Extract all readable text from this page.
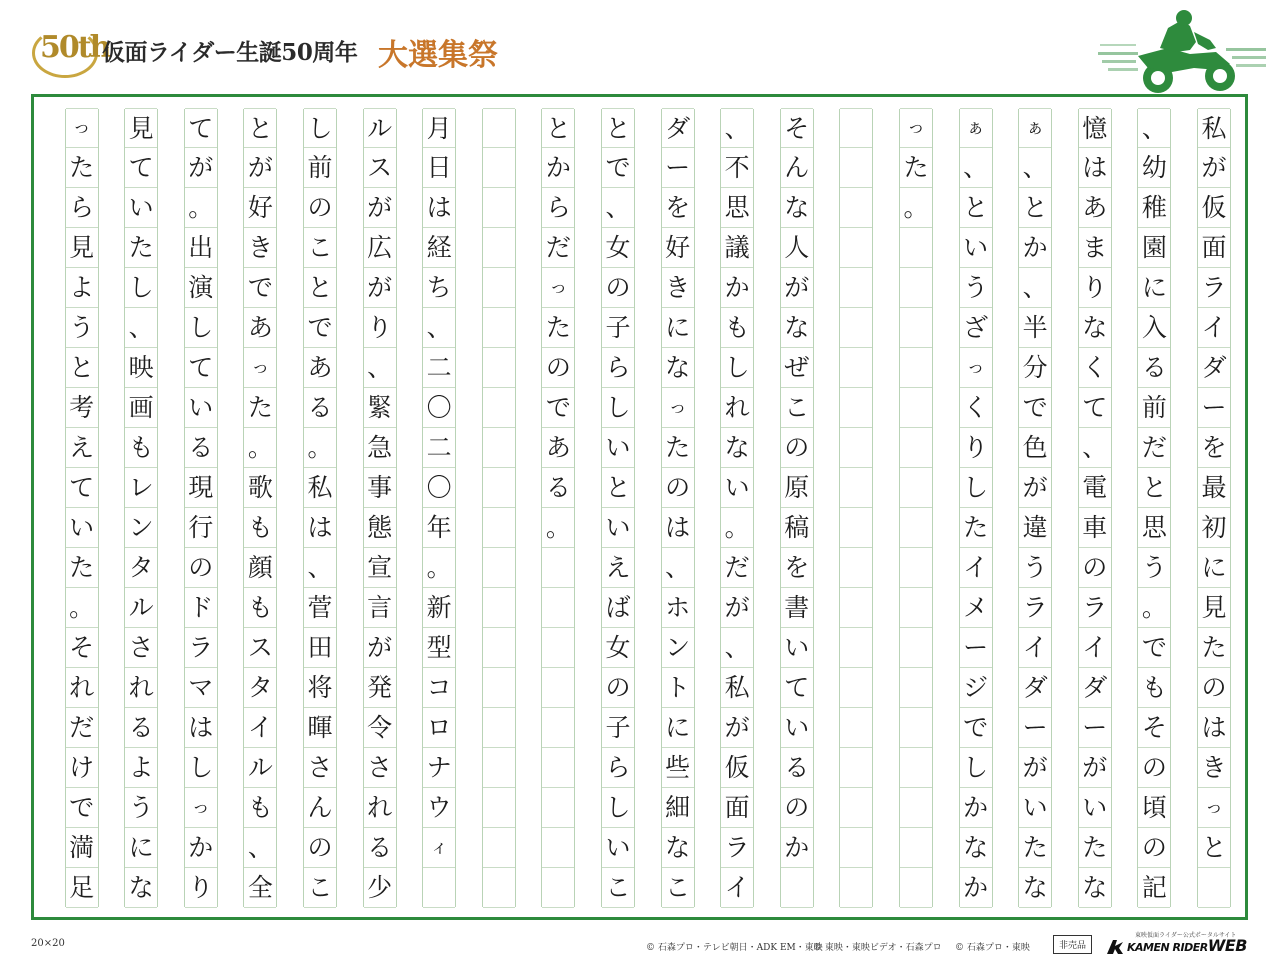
50th
仮面ライダー生誕50周年 大選集祭
私
が
仮
面
ラ
イ
ダ
ー
を
最
初
に
見
た
の
は
き
っ
と
、
幼
稚
園
に
入
る
前
だ
と
思
う
。
で
も
そ
の
頃
の
記
憶
は
あ
ま
り
な
く
て
、
電
車
の
ラ
イ
ダ
ー
が
い
た
な
ぁ
、
と
か
、
半
分
で
色
が
違
う
ラ
イ
ダ
ー
が
い
た
な
ぁ
、
と
い
う
ざ
っ
く
り
し
た
イ
メ
ー
ジ
で
し
か
な
か
っ
た
。
そ
ん
な
人
が
な
ぜ
こ
の
原
稿
を
書
い
て
い
る
の
か
、
不
思
議
か
も
し
れ
な
い
。
だ
が
、
私
が
仮
面
ラ
イ
ダ
ー
を
好
き
に
な
っ
た
の
は
、
ホ
ン
ト
に
些
細
な
こ
と
で
、
女
の
子
ら
し
い
と
い
え
ば
女
の
子
ら
し
い
こ
と
か
ら
だ
っ
た
の
で
あ
る
。
月
日
は
経
ち
、
二
〇
二
〇
年
。
新
型
コ
ロ
ナ
ウ
ィ
ル
ス
が
広
が
り
、
緊
急
事
態
宣
言
が
発
令
さ
れ
る
少
し
前
の
こ
と
で
あ
る
。
私
は
、
菅
田
将
暉
さ
ん
の
こ
と
が
好
き
で
あ
っ
た
。
歌
も
顔
も
ス
タ
イ
ル
も
、
全
て
が
。
出
演
し
て
い
る
現
行
の
ド
ラ
マ
は
し
っ
か
り
見
て
い
た
し
、
映
画
も
レ
ン
タ
ル
さ
れ
る
よ
う
に
な
っ
た
ら
見
よ
う
と
考
え
て
い
た
。
そ
れ
だ
け
で
満
足
20×20	© 石森プロ・テレビ朝日・ADK EM・東映
© 東映・東映ビデオ・石森プロ © 石森プロ・東映	非売品
東映仮面ライダー公式ポータルサイト
KAMEN RIDERWEB
